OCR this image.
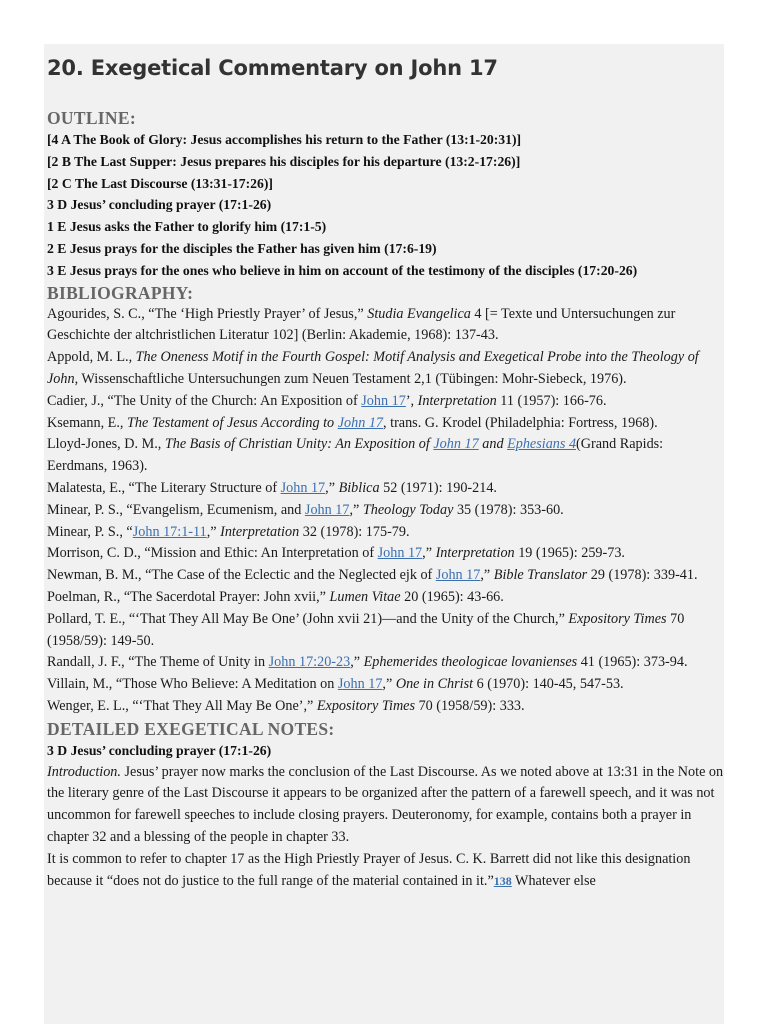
20. Exegetical Commentary on John 17
OUTLINE:
[4 A The Book of Glory: Jesus accomplishes his return to the Father (13:1-20:31)]
[2 B The Last Supper: Jesus prepares his disciples for his departure (13:2-17:26)]
[2 C The Last Discourse (13:31-17:26)]
3 D Jesus’ concluding prayer (17:1-26)
1 E Jesus asks the Father to glorify him (17:1-5)
2 E Jesus prays for the disciples the Father has given him (17:6-19)
3 E Jesus prays for the ones who believe in him on account of the testimony of the disciples (17:20-26)
BIBLIOGRAPHY:
Agourides, S. C., “The ‘High Priestly Prayer’ of Jesus,” Studia Evangelica 4 [= Texte und Untersuchungen zur Geschichte der altchristlichen Literatur 102] (Berlin: Akademie, 1968): 137-43.
Appold, M. L., The Oneness Motif in the Fourth Gospel: Motif Analysis and Exegetical Probe into the Theology of John, Wissenschaftliche Untersuchungen zum Neuen Testament 2,1 (Tübingen: Mohr-Siebeck, 1976).
Cadier, J., “The Unity of the Church: An Exposition of John 17’, Interpretation 11 (1957): 166-76.
Ksemann, E., The Testament of Jesus According to John 17, trans. G. Krodel (Philadelphia: Fortress, 1968).
Lloyd-Jones, D. M., The Basis of Christian Unity: An Exposition of John 17 and Ephesians 4(Grand Rapids: Eerdmans, 1963).
Malatesta, E., “The Literary Structure of John 17,” Biblica 52 (1971): 190-214.
Minear, P. S., “Evangelism, Ecumenism, and John 17,” Theology Today 35 (1978): 353-60.
Minear, P. S., “John 17:1-11,” Interpretation 32 (1978): 175-79.
Morrison, C. D., “Mission and Ethic: An Interpretation of John 17,” Interpretation 19 (1965): 259-73.
Newman, B. M., “The Case of the Eclectic and the Neglected ejk of John 17,” Bible Translator 29 (1978): 339-41.
Poelman, R., “The Sacerdotal Prayer: John xvii,” Lumen Vitae 20 (1965): 43-66.
Pollard, T. E., “‘That They All May Be One’ (John xvii 21)—and the Unity of the Church,” Expository Times 70 (1958/59): 149-50.
Randall, J. F., “The Theme of Unity in John 17:20-23,” Ephemerides theologicae lovanienses 41 (1965): 373-94.
Villain, M., “Those Who Believe: A Meditation on John 17,” One in Christ 6 (1970): 140-45, 547-53.
Wenger, E. L., “‘That They All May Be One’,” Expository Times 70 (1958/59): 333.
DETAILED EXEGETICAL NOTES:
3 D Jesus’ concluding prayer (17:1-26)
Introduction. Jesus’ prayer now marks the conclusion of the Last Discourse. As we noted above at 13:31 in the Note on the literary genre of the Last Discourse it appears to be organized after the pattern of a farewell speech, and it was not uncommon for farewell speeches to include closing prayers. Deuteronomy, for example, contains both a prayer in chapter 32 and a blessing of the people in chapter 33.
It is common to refer to chapter 17 as the High Priestly Prayer of Jesus. C. K. Barrett did not like this designation because it “does not do justice to the full range of the material contained in it.”138 Whatever else
